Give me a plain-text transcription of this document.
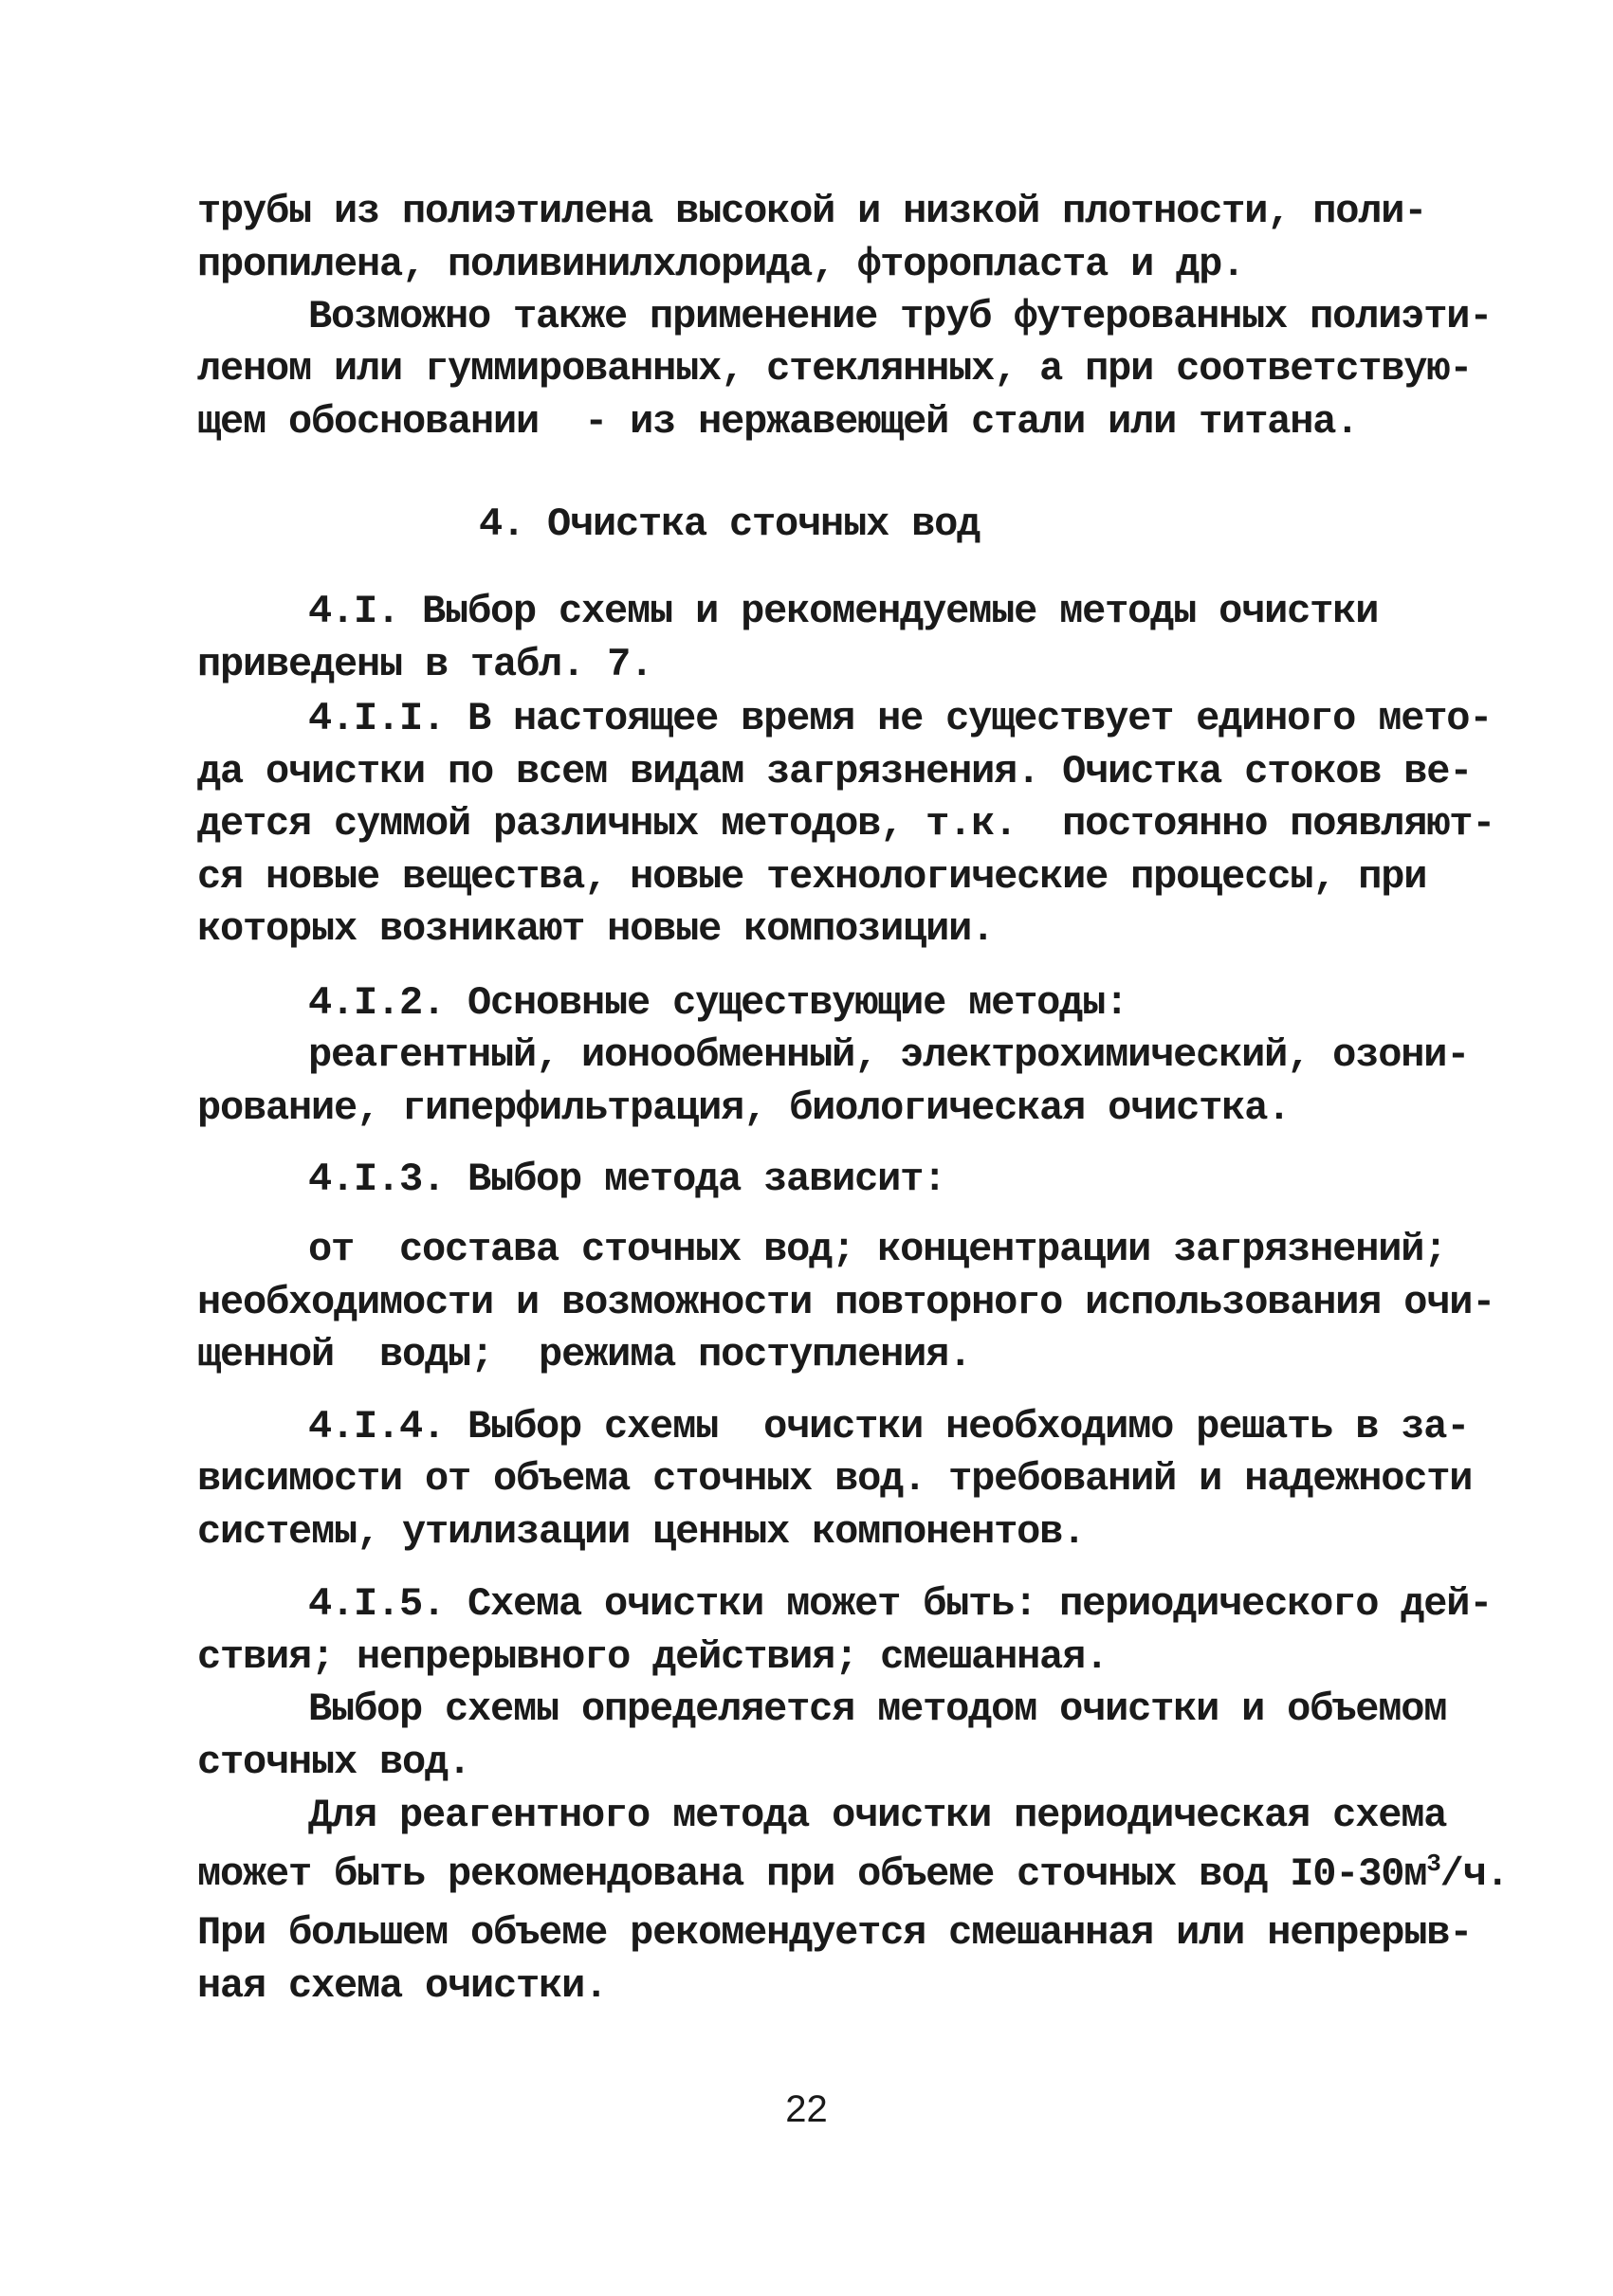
трубы из полиэтилена высокой и низкой плотности, поли-
пропилена, поливинилхлорида, фторопласта и др.
Возможно также применение труб футерованных полиэти-
леном или гуммированных, стеклянных, а при соответствую-
щем обосновании  - из нержавеющей стали или титана.
4. Очистка сточных вод
4.I. Выбор схемы и рекомендуемые методы очистки
приведены в табл. 7.
4.I.I. В настоящее время не существует единого мето-
да очистки по всем видам загрязнения. Очистка стоков ве-
дется суммой различных методов, т.к.  постоянно появляют-
ся новые вещества, новые технологические процессы, при
которых возникают новые композиции.
4.I.2. Основные существующие методы:
реагентный, ионообменный, электрохимический, озони-
рование, гиперфильтрация, биологическая очистка.
4.I.3. Выбор метода зависит:
от  состава сточных вод; концентрации загрязнений;
необходимости и возможности повторного использования очи-
щенной  воды;  режима поступления.
4.I.4. Выбор схемы  очистки необходимо решать в за-
висимости от объема сточных вод. требований и надежности
системы, утилизации ценных компонентов.
4.I.5. Схема очистки может быть: периодического дей-
ствия; непрерывного действия; смешанная.
Выбор схемы определяется методом очистки и объемом
сточных вод.
Для реагентного метода очистки периодическая схема
может быть рекомендована при объеме сточных вод $I0-30м^3/ч$.
При большем объеме рекомендуется смешанная или непрерыв-
ная схема очистки.
22
